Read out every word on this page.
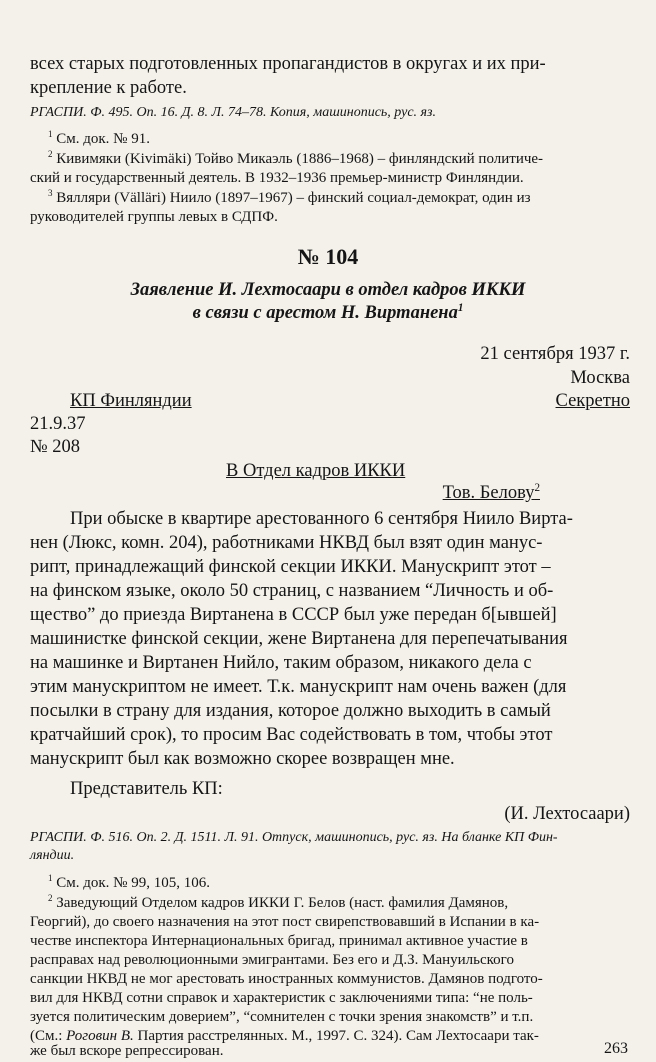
всех старых подготовленных пропагандистов в округах и их при-

крепление к работе.

РГАСПИ. Ф. 495. Оп. 16. Д. 8. Л. 74–78. Копия, машинопись, рус. яз.

$^1$ См. док. № 91.

$^2$ Кивимяки (Kivimäki) Тойво Микаэль (1886–1968) – финляндский политиче-

ский и государственный деятель. В 1932–1936 премьер-министр Финляндии.

$^3$ Вялляри (Välläri) Ниило (1897–1967) – финский социал-демократ, один из

руководителей группы левых в СДПФ.

№ 104

Заявление И. Лехтосаари в отдел кадров ИККИ

в связи с арестом Н. Виртанена$^1$

21 сентября 1937 г.

Москва

КП Финляндии	Секретно

21.9.37

№ 208

В Отдел кадров ИККИ

Тов. Белову$^2$

При обыске в квартире арестованного 6 сентября Ниило Вирта-

нен (Люкс, комн. 204), работниками НКВД был взят один манус-

рипт, принадлежащий финской секции ИККИ. Манускрипт этот –

на финском языке, около 50 страниц, с названием “Личность и об-

щество” до приезда Виртанена в СССР был уже передан б[ывшей]

машинистке финской секции, жене Виртанена для перепечатывания

на машинке и Виртанен Нийло, таким образом, никакого дела с

этим манускриптом не имеет. Т.к. манускрипт нам очень важен (для

посылки в страну для издания, которое должно выходить в самый

кратчайший срок), то просим Вас содействовать в том, чтобы этот

манускрипт был как возможно скорее возвращен мне.

Представитель КП:

(И. Лехтосаари)

РГАСПИ. Ф. 516. Оп. 2. Д. 1511. Л. 91. Отпуск, машинопись, рус. яз. На бланке КП Фин-

ляндии.

$^1$ См. док. № 99, 105, 106.

$^2$ Заведующий Отделом кадров ИККИ Г. Белов (наст. фамилия Дамянов,

Георгий), до своего назначения на этот пост свирепствовавший в Испании в ка-

честве инспектора Интернациональных бригад, принимал активное участие в

расправах над революционными эмигрантами. Без его и Д.З. Мануильского

санкции НКВД не мог арестовать иностранных коммунистов. Дамянов подгото-

вил для НКВД сотни справок и характеристик с заключениями типа: “не поль-

зуется политическим доверием”, “сомнителен с точки зрения знакомств” и т.п.

(См.: Роговин В. Партия расстрелянных. М., 1997. С. 324). Сам Лехтосаари так-

же был вскоре репрессирован.	263
